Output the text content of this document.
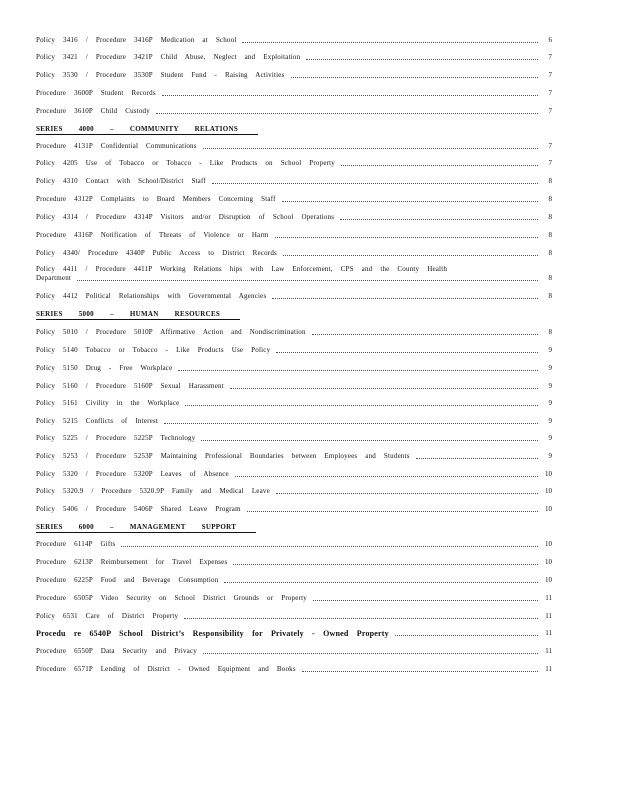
Policy 3416 / Procedure 3416P Medication at School	6
Policy 3421 / Procedure 3421P Child Abuse, Neglect and Exploitation	7
Policy 3530 / Procedure 3530P Student Fund - Raising Activities	7
Procedure 3600P Student Records	7
Procedure 3610P Child Custody	7
SERIES 4000 – COMMUNITY RELATIONS
Procedure 4131P Confidential Communications	7
Policy 4205 Use of Tobacco or Tobacco - Like Products on School Property	7
Policy 4310 Contact with School/District Staff	8
Procedure 4312P Complaints to Board Members Concerning Staff	8
Policy 4314 / Procedure 4314P Visitors and/or Disruption of School Operations	8
Procedure 4316P Notification of Threats of Violence or Harm	8
Policy 4340/ Procedure 4340P Public Access to District Records	8
Policy 4411 / Procedure 4411P Working Relations hips with Law Enforcement, CPS and the County Health
Department	8
Policy 4412 Political Relationships with Governmental Agencies	8
SERIES 5000 – HUMAN RESOURCES
Policy 5010 / Procedure 5010P Affirmative Action and Nondiscrimination	8
Policy 5140 Tobacco or Tobacco - Like Products Use Policy	9
Policy 5150 Drug - Free Workplace	9
Policy 5160 / Procedure 5160P Sexual Harassment	9
Policy 5161 Civility in the Workplace	9
Policy 5215 Conflicts of Interest	9
Policy 5225 / Procedure 5225P Technology	9
Policy 5253 / Procedure 5253P Maintaining Professional Boundaries between Employees and Students	9
Policy 5320 / Procedure 5320P Leaves of Absence	10
Policy 5320.9 / Procedure 5320.9P Family and Medical Leave	10
Policy 5406 / Procedure 5406P Shared Leave Program	10
SERIES 6000 – MANAGEMENT SUPPORT
Procedure 6114P Gifts	10
Procedure 6213P Reimbursement for Travel Expenses	10
Procedure 6225P Food and Beverage Consumption	10
Procedure 6505P Video Security on School District Grounds or Property	11
Policy 6531 Care of District Property	11
Procedu re 6540P School District’s Responsibility for Privately - Owned Property	11
Procedure 6550P Data Security and Privacy	11
Procedure 6571P Lending of District - Owned Equipment and Books	11
